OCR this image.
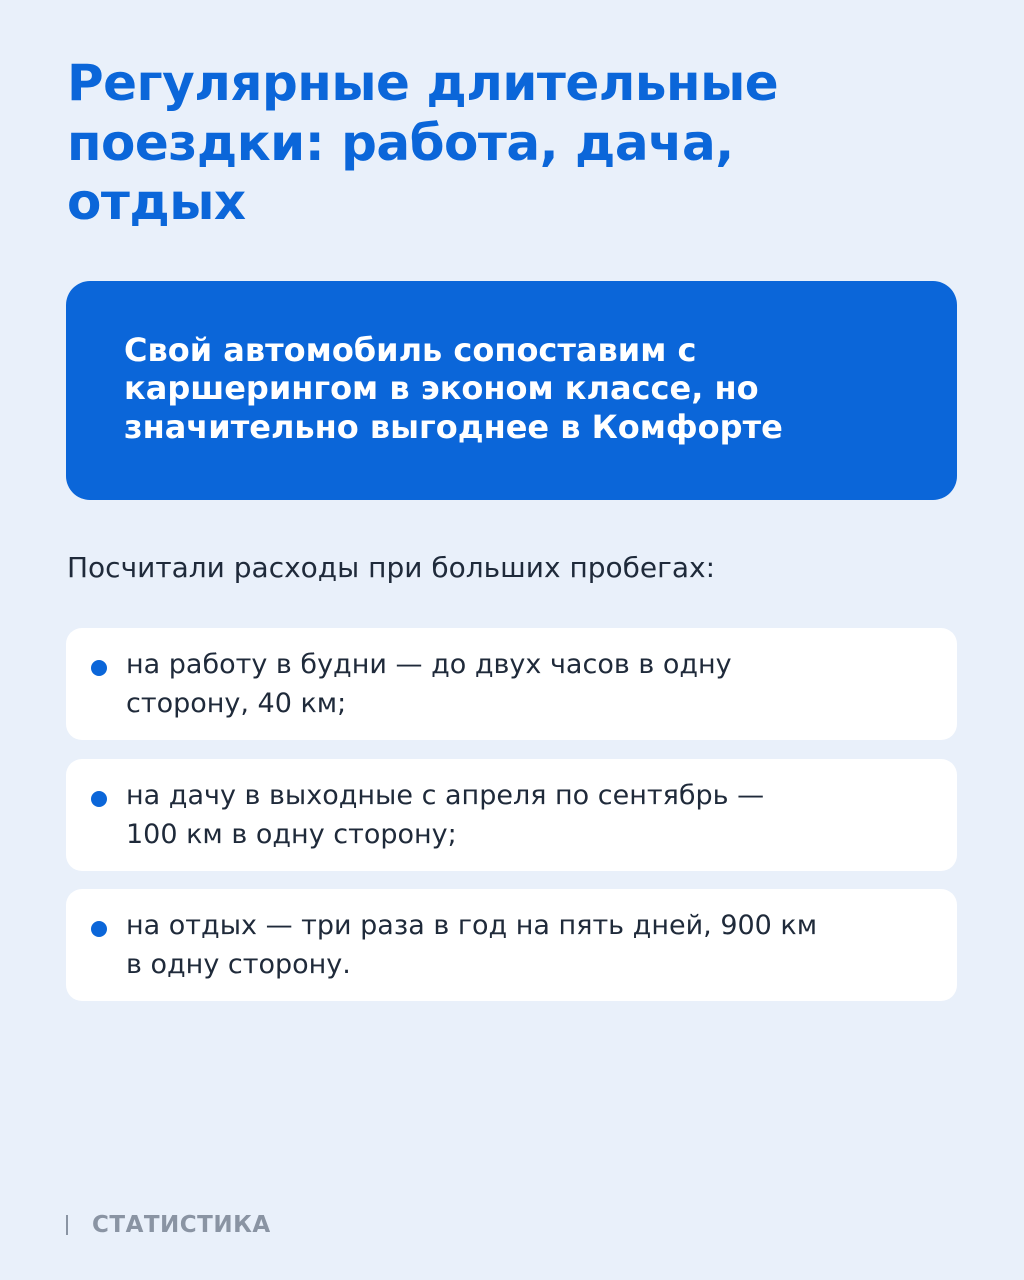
Регулярные длительные
поездки: работа, дача,
отдых
Свой автомобиль сопоставим с
каршерингом в эконом классе, но
значительно выгоднее в Комфорте
Посчитали расходы при больших пробегах:
на работу в будни — до двух часов в одну
сторону, 40 км;
на дачу в выходные с апреля по сентябрь —
100 км в одну сторону;
на отдых — три раза в год на пять дней, 900 км
в одну сторону.
СТАТИСТИКА
